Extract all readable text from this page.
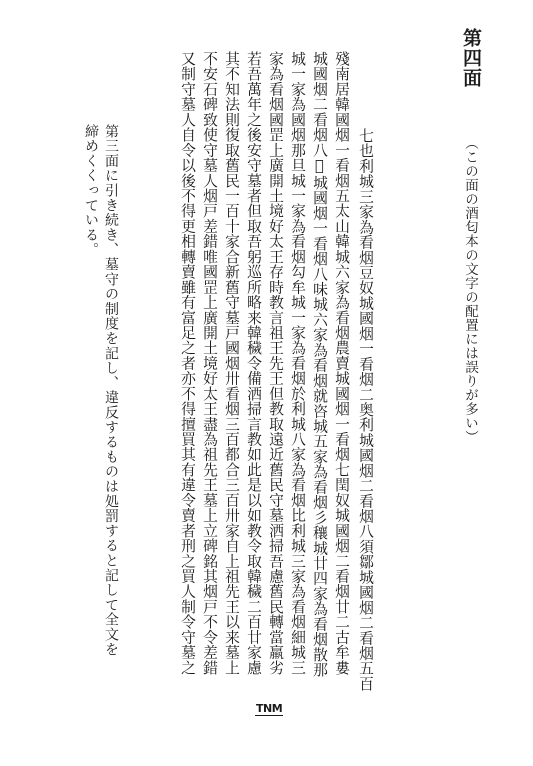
第四面
（この面の酒匂本の文字の配置には誤りが多い）
七也利城三家為看烟豆奴城國烟一看烟二奥利城國烟二看烟八須鄒城國烟二看烟五百
殘南居韓國烟一看烟五太山韓城六家為看烟農賣城國烟一看烟七閏奴城國烟二看烟廿二古牟婁
城國烟二看烟八𤬲城國烟一看烟八味城六家為看烟就咨城五家為看烟彡穰城廿四家為看烟散那
城一家為國烟那旦城一家為看烟勾牟城一家為看烟於利城八家為看烟比利城三家為看烟細城三
家為看烟國罡上廣開土境好太王存時教言祖王先王但教取遠近舊民守墓洒掃吾慮舊民轉當羸劣
若吾萬年之後安守墓者但取吾躬巡所略来韓穢令備洒掃言教如此是以如教令取韓穢二百廿家慮
其不知法則復取舊民一百十家合新舊守墓戸國烟卅看烟三百都合三百卅家自上祖先王以来墓上
不安石碑致使守墓人烟戸差錯唯國罡上廣開土境好太王盡為祖先王墓上立碑銘其烟戸不令差錯
又制守墓人自令以後不得更相轉賣雖有富足之者亦不得擅買其有違令賣者刑之買人制令守墓之
第三面に引き続き、墓守の制度を記し、違反するものは処罰すると記して全文を
締めくくっている。
TNM
